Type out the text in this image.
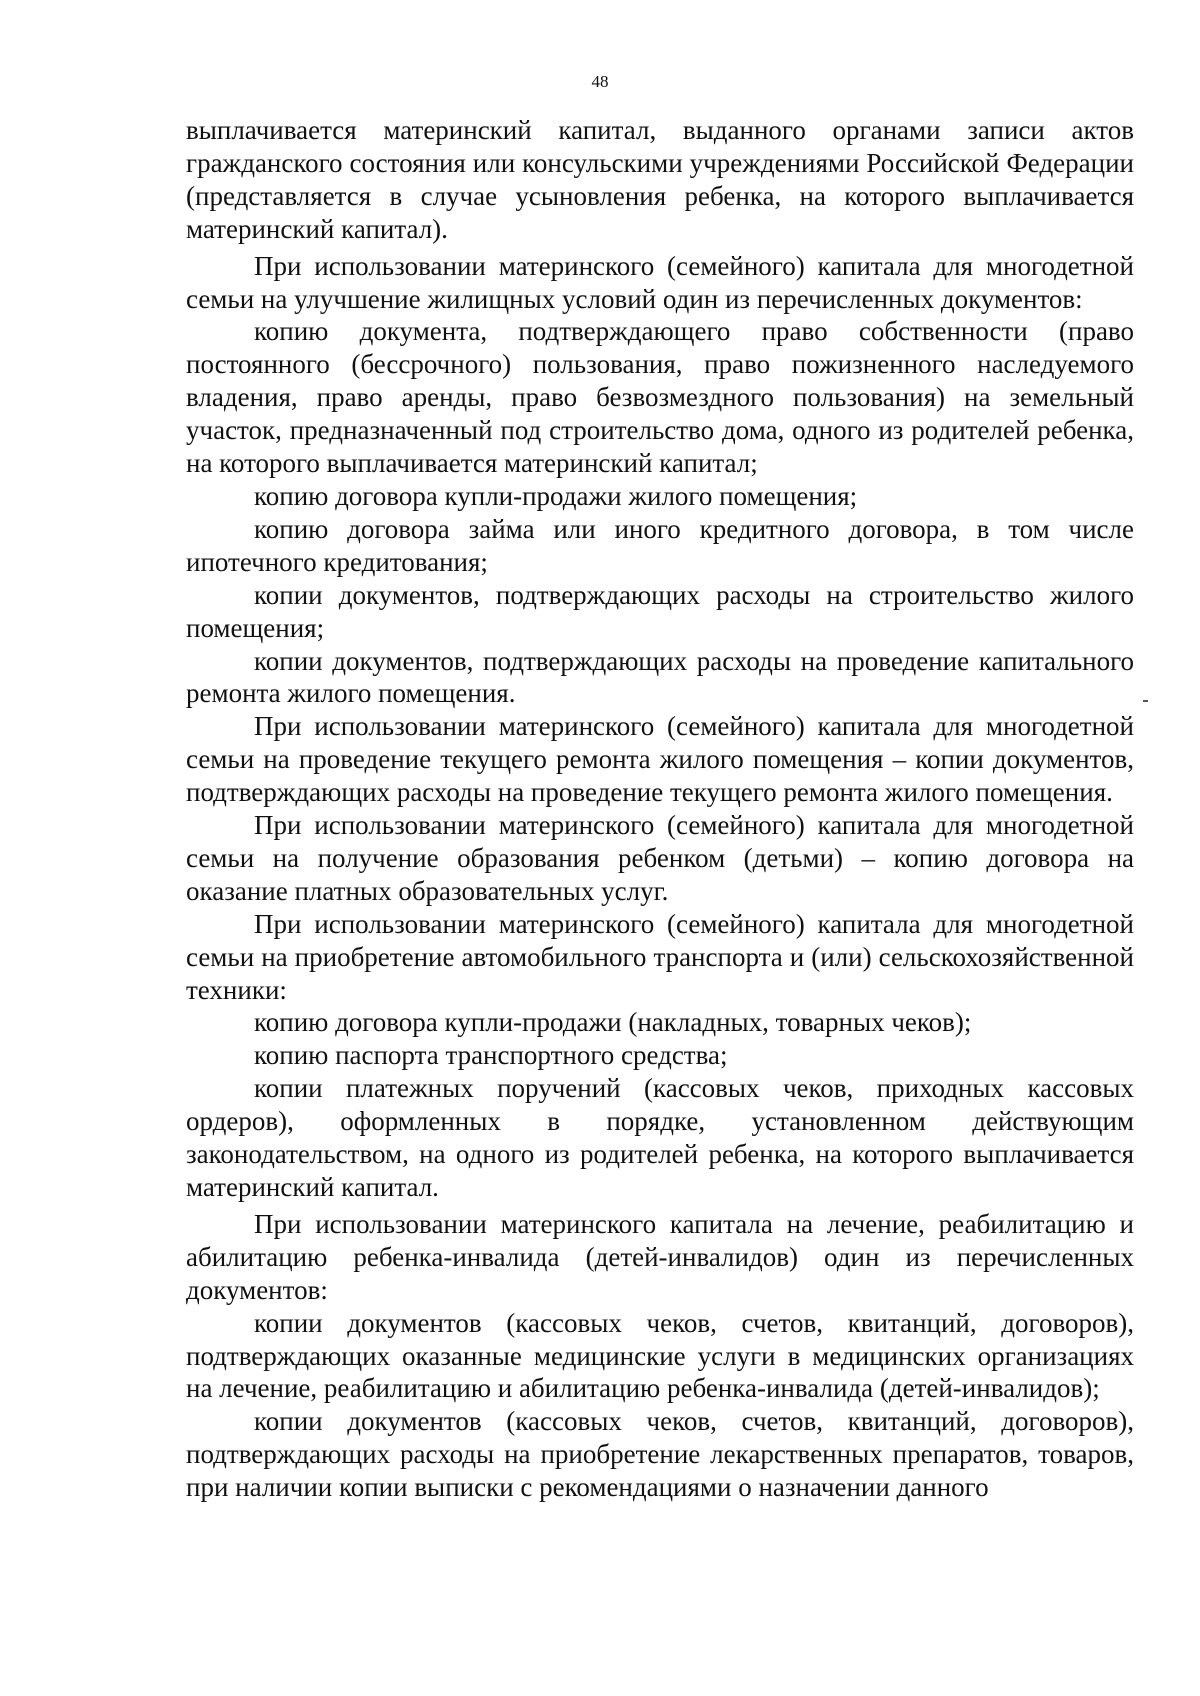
48

выплачивается материнский капитал, выданного органами записи актов гражданского состояния или консульскими учреждениями Российской Федерации (представляется в случае усыновления ребенка, на которого выплачивается материнский капитал).

При использовании материнского (семейного) капитала для многодетной семьи на улучшение жилищных условий один из перечисленных документов:

копию документа, подтверждающего право собственности (право постоянного (бессрочного) пользования, право пожизненного наследуемого владения, право аренды, право безвозмездного пользования) на земельный участок, предназначенный под строительство дома, одного из родителей ребенка, на которого выплачивается материнский капитал;

копию договора купли-продажи жилого помещения;

копию договора займа или иного кредитного договора, в том числе ипотечного кредитования;

копии документов, подтверждающих расходы на строительство жилого помещения;

копии документов, подтверждающих расходы на проведение капитального ремонта жилого помещения.

При использовании материнского (семейного) капитала для многодетной семьи на проведение текущего ремонта жилого помещения – копии документов, подтверждающих расходы на проведение текущего ремонта жилого помещения.

При использовании материнского (семейного) капитала для многодетной семьи на получение образования ребенком (детьми) – копию договора на оказание платных образовательных услуг.

При использовании материнского (семейного) капитала для многодетной семьи на приобретение автомобильного транспорта и (или) сельскохозяйственной техники:

копию договора купли-продажи (накладных, товарных чеков);

копию паспорта транспортного средства;

копии платежных поручений (кассовых чеков, приходных кассовых ордеров), оформленных в порядке, установленном действующим законодательством, на одного из родителей ребенка, на которого выплачивается материнский капитал.

При использовании материнского капитала на лечение, реабилитацию и абилитацию ребенка-инвалида (детей-инвалидов) один из перечисленных документов:

копии документов (кассовых чеков, счетов, квитанций, договоров), подтверждающих оказанные медицинские услуги в медицинских организациях на лечение, реабилитацию и абилитацию ребенка-инвалида (детей-инвалидов);

копии документов (кассовых чеков, счетов, квитанций, договоров), подтверждающих расходы на приобретение лекарственных препаратов, товаров, при наличии копии выписки с рекомендациями о назначении данного
